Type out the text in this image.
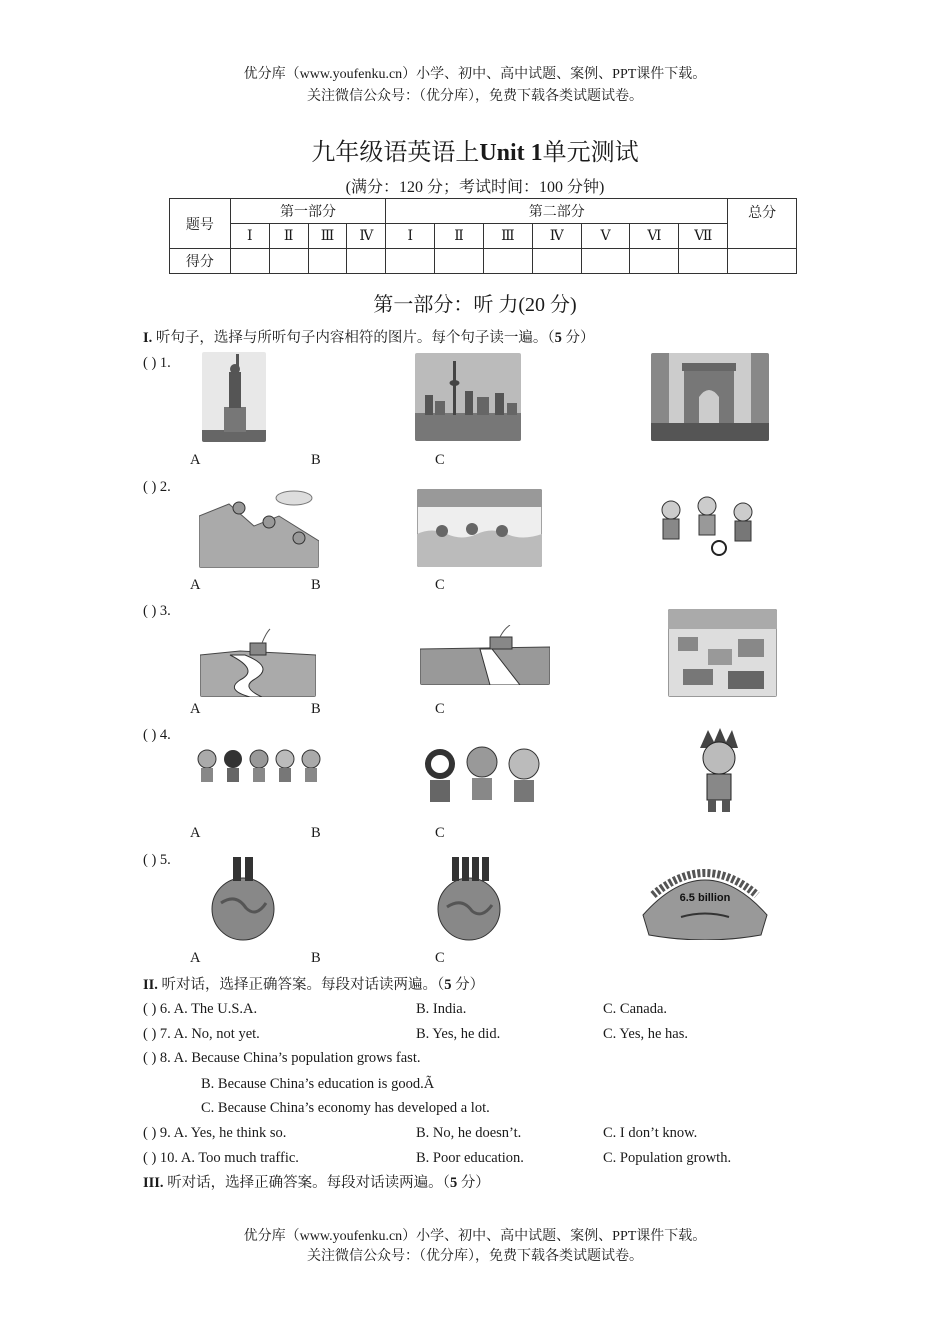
优分库（www.youfenku.cn）小学、初中、高中试题、案例、PPT课件下载。
关注微信公众号：（优分库），免费下载各类试题试卷。
九年级语英语上Unit 1单元测试
(满分：120 分；考试时间：100 分钟)
题号	第一部分				第二部分							总分
	Ⅰ	Ⅱ	Ⅲ	Ⅳ	Ⅰ	Ⅱ	Ⅲ	Ⅳ	Ⅴ	Ⅵ	Ⅶ	
得分												
第一部分：听 力(20 分)
I. 听句子，选择与所听句子内容相符的图片。每个句子读一遍。（5 分）
( ) 1.
A	B	C
( ) 2.
A	B	C
( ) 3.
A	B	C
( ) 4.
A	B	C
( ) 5.
6.5 billion
A	B	C
II. 听对话，选择正确答案。每段对话读两遍。（5 分）
( ) 6. A. The U.S.A.	B. India.	C. Canada.
( ) 7. A. No, not yet.	B. Yes, he did.	C. Yes, he has.
( ) 8. A. Because China’s population grows fast.
B. Because China’s education is good.Ã
C. Because China’s economy has developed a lot.
( ) 9. A. Yes, he think so.	B. No, he doesn’t.	C. I don’t know.
( ) 10. A. Too much traffic.	B. Poor education.	C. Population growth.
III. 听对话，选择正确答案。每段对话读两遍。（5 分）
优分库（www.youfenku.cn）小学、初中、高中试题、案例、PPT课件下载。
关注微信公众号：（优分库），免费下载各类试题试卷。
